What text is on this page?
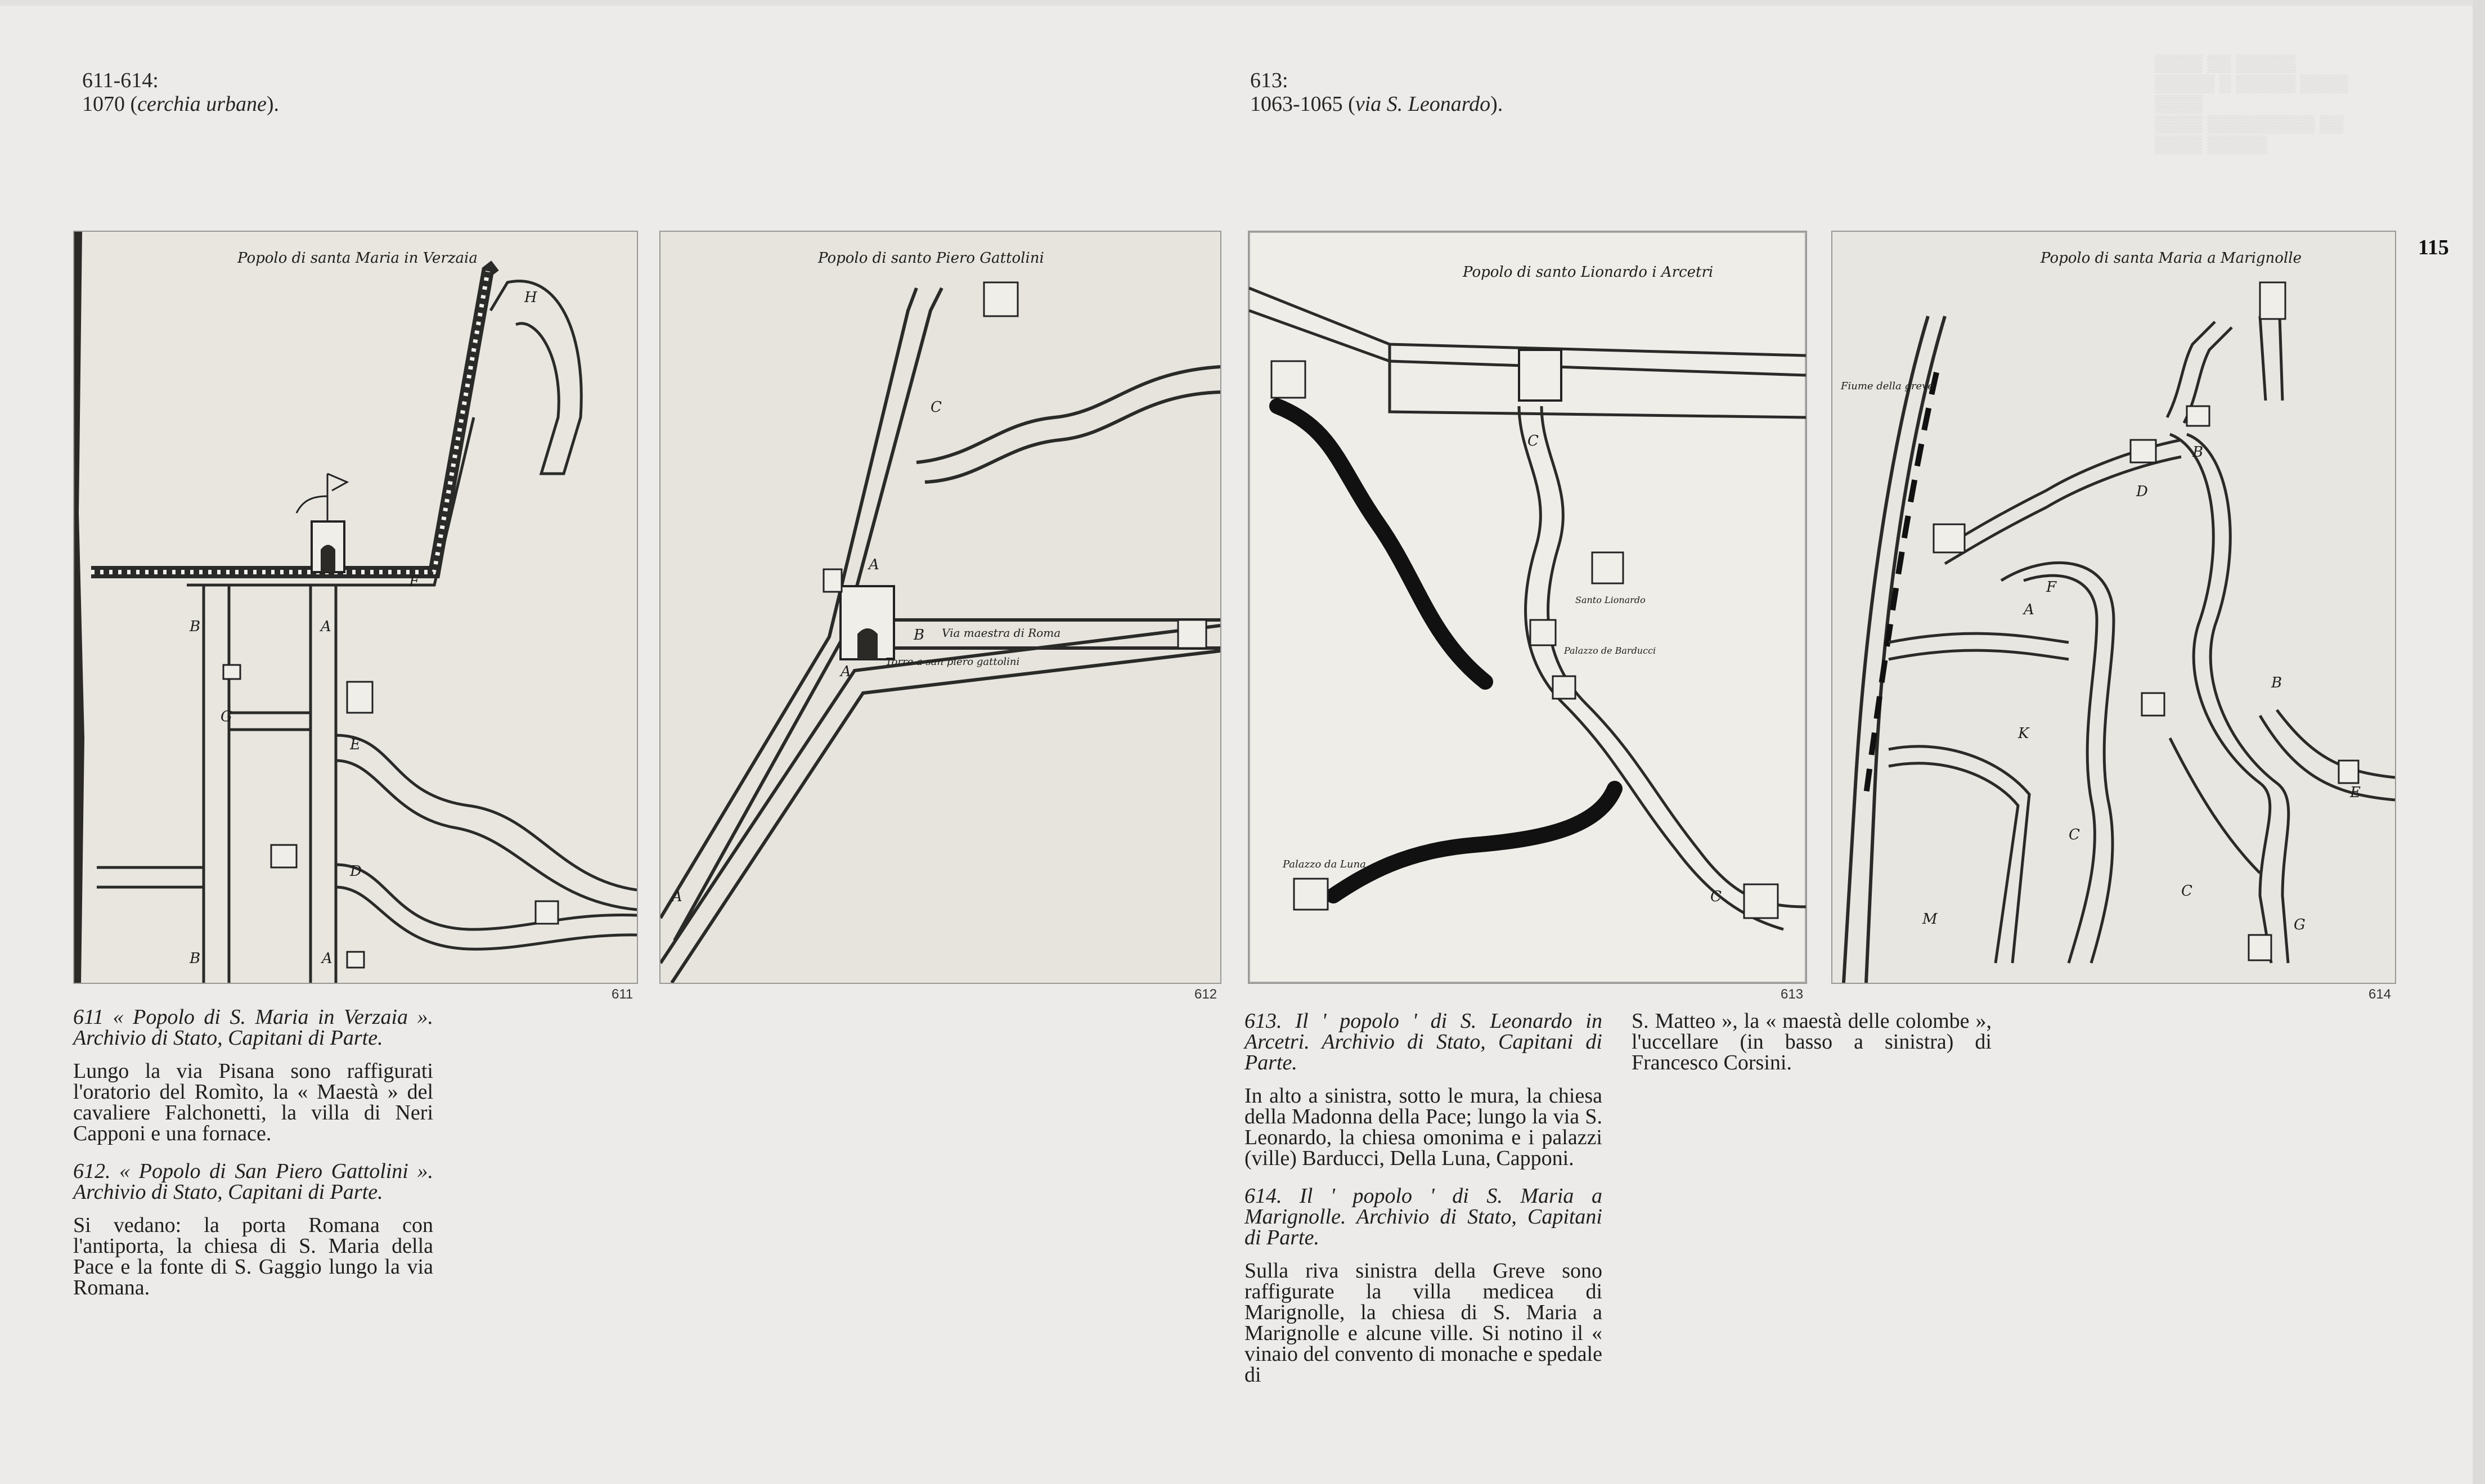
611-614:
1070 (cerchia urbane).
613:
1063-1065 (via S. Leonardo).
▒▒▒▒ ▒▒ ▒▒▒▒▒
▒▒▒▒▒ ▒ ▒▒▒▒▒ ▒▒▒▒
▒▒▒▒
▒▒▒▒ ▒▒▒▒▒▒▒▒▒ ▒▒
▒▒▒▒ ▒▒▒▒▒
115
Popolo di santa Maria in Verzaia
B	A
F
G
E
D
H
B	A
611
Popolo di santo Piero Gattolini
A
B
C
A
A
Via maestra di Roma
Torre a san piero gattolini
612
Popolo di santo Lionardo i Arcetri
C
C
Palazzo da Luna
Santo Lionardo
Palazzo de Barducci
613
Popolo di santa Maria a Marignolle
Fiume della greve
B
D
F
E
C
K
M
A
B
C
G
614
611 « Popolo di S. Maria in Verzaia ». Archivio di Stato, Capitani di Parte.

Lungo la via Pisana sono raffigurati l'oratorio del Romìto, la « Maestà » del cavaliere Falchonetti, la villa di Neri Capponi e una fornace.

612. « Popolo di San Piero Gattolini ». Archivio di Stato, Capitani di Parte.

Si vedano: la porta Romana con l'antiporta, la chiesa di S. Maria della Pace e la fonte di S. Gaggio lungo la via Romana.

613. Il ' popolo ' di S. Leonardo in Arcetri. Archivio di Stato, Capitani di Parte.

In alto a sinistra, sotto le mura, la chiesa della Madonna della Pace; lungo la via S. Leonardo, la chiesa omonima e i palazzi (ville) Barducci, Della Luna, Capponi.

614. Il ' popolo ' di S. Maria a Marignolle. Archivio di Stato, Capitani di Parte.

Sulla riva sinistra della Greve sono raffigurate la villa medicea di Marignolle, la chiesa di S. Maria a Marignolle e alcune ville. Si notino il « vinaio del convento di monache e spedale di

S. Matteo », la « maestà delle colombe », l'uccellare (in basso a sinistra) di Francesco Corsini.
